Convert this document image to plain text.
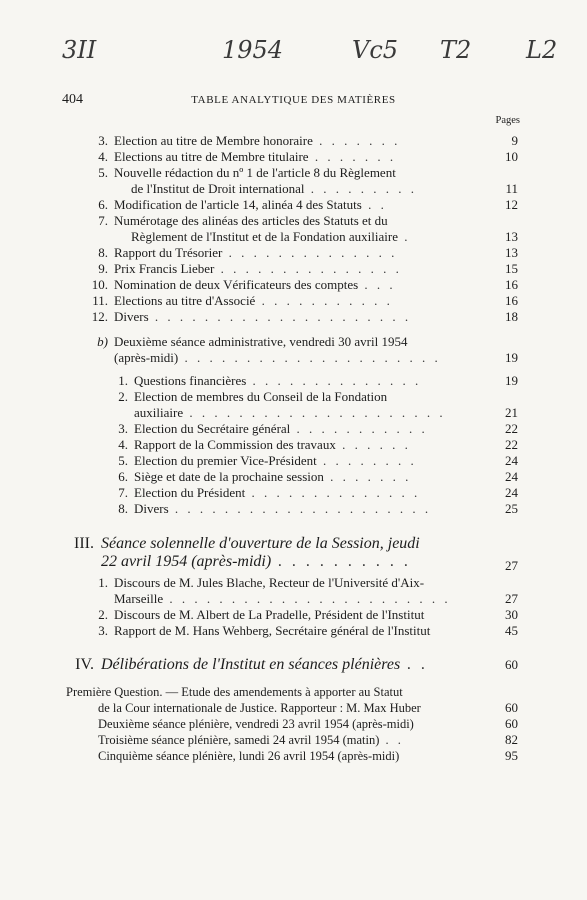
3ΙΙ	1954	Vс5 T2 L2
404	TABLE ANALYTIQUE DES MATIÈRES
Pages
3. Election au titre de Membre honoraire . . . . . . .	9
4. Elections au titre de Membre titulaire . . . . . . .	10
5. Nouvelle rédaction du nº 1 de l'article 8 du Règlement
de l'Institut de Droit international . . . . . . . . .	11
6. Modification de l'article 14, alinéa 4 des Statuts . .	12
7. Numérotage des alinéas des articles des Statuts et du
Règlement de l'Institut et de la Fondation auxiliaire .	13
8. Rapport du Trésorier . . . . . . . . . . . . . .	13
9. Prix Francis Lieber . . . . . . . . . . . . . . .	15
10. Nomination de deux Vérificateurs des comptes . . .	16
11. Elections au titre d'Associé . . . . . . . . . . .	16
12. Divers . . . . . . . . . . . . . . . . . . . . .	18
b) Deuxième séance administrative, vendredi 30 avril 1954
(après-midi) . . . . . . . . . . . . . . . . . . . . .	19
1. Questions financières . . . . . . . . . . . . . .	19
2. Election de membres du Conseil de la Fondation
auxiliaire . . . . . . . . . . . . . . . . . . . . .	21
3. Election du Secrétaire général . . . . . . . . . . .	22
4. Rapport de la Commission des travaux . . . . . .	22
5. Election du premier Vice-Président . . . . . . . .	24
6. Siège et date de la prochaine session . . . . . . .	24
7. Election du Président . . . . . . . . . . . . . .	24
8. Divers . . . . . . . . . . . . . . . . . . . . .	25
III. Séance solennelle d'ouverture de la Session, jeudi
22 avril 1954 (après-midi) . . . . . . . . . .	27
1. Discours de M. Jules Blache, Recteur de l'Université d'Aix-
Marseille . . . . . . . . . . . . . . . . . . . . . . .	27
2. Discours de M. Albert de La Pradelle, Président de l'Institut	30
3. Rapport de M. Hans Wehberg, Secrétaire général de l'Institut	45
IV. Délibérations de l'Institut en séances plénières . .	60
Première Question. — Etude des amendements à apporter au Statut
de la Cour internationale de Justice. Rapporteur : M. Max Huber	60
Deuxième séance plénière, vendredi 23 avril 1954 (après-midi)	60
Troisième séance plénière, samedi 24 avril 1954 (matin) . .	82
Cinquième séance plénière, lundi 26 avril 1954 (après-midi)	95
